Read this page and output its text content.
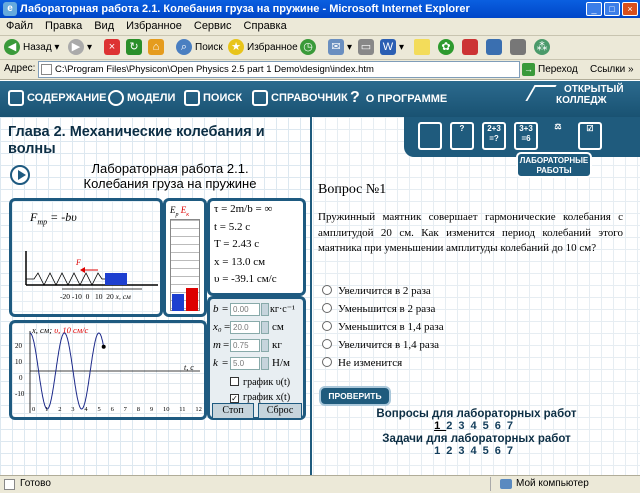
e Лабораторная работа 2.1. Колебания груза на пружине - Microsoft Internet Explorer	_	□	×
Файл Правка Вид Избранное Сервис Справка
◀ Назад ▾	▶ ▾	×	↻	⌂	⌕ Поиск ★ Избранное ◷	✉ ▾ ▭	W ▾	✿	⁂
Адрес:	C:\Program Files\Physicon\Open Physics 2.5 part 1 Demo\design\index.htm	→ Переход Ссылки »
СОДЕРЖАНИЕ	МОДЕЛИ	ПОИСК	СПРАВОЧНИК ? О ПРОГРАММЕ
ОТКРЫТЫЙ
КОЛЛЕДЖ
Глава 2. Механические колебания и волны
Лабораторная работа 2.1.
Колебания груза на пружине
$F_{тр} = -b\upsilon$
F
-20 -10 0 10 20 x, см
$E_p$ $E_к$ τ = 2m/b = ∞
t = 5.2 с
T = 2.43 с
x = 13.0 см
υ = -39.1 см/с
b = 0.00	кг·с⁻¹
x₀ = 20.0	см
m = 0.75	кг
k = 5.0	Н/м
график υ(t)
✓ график x(t)
Стоп	Сброс
x, см; υ, 10 см/с
20
10
0
-10
0 1 2 3 4 5 6 7 8 9 10 11 12
t, с
?	2+3
=?
3+3
=6
⚖	☑
ЛАБОРАТОРНЫЕ
РАБОТЫ
Вопрос №1
Пружинный маятник совершает гармонические колебания с амплитудой 20 см. Как изменится период колебаний этого маятника при уменьшении амплитуды колебаний до 10 см?
Увеличится в 2 раза
Уменьшится в 2 раза
Уменьшится в 1,4 раза
Увеличится в 1,4 раза
Не изменится
ПРОВЕРИТЬ
Вопросы для лабораторных работ
1234567
Задачи для лабораторных работ
1234567
Готово	Мой компьютер
